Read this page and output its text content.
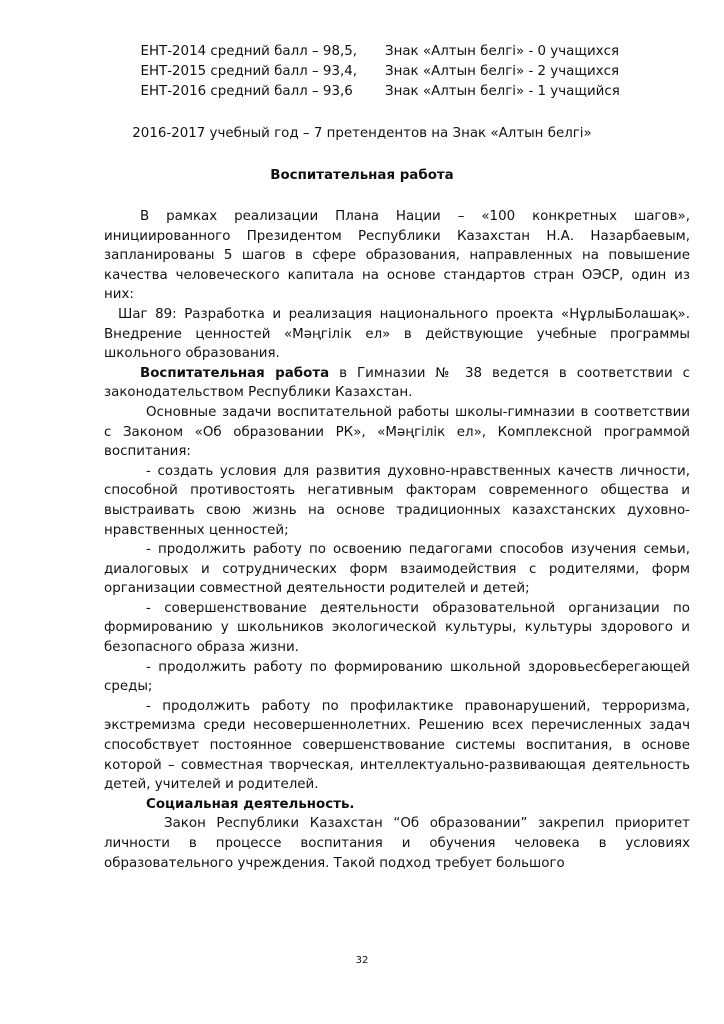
ЕНТ-2014 средний балл – 98,5, Знак «Алтын белгі» - 0 учащихся
ЕНТ-2015 средний балл – 93,4, Знак «Алтын белгі» - 2 учащихся
ЕНТ-2016 средний балл – 93,6 Знак «Алтын белгі» - 1 учащийся
2016-2017 учебный год – 7 претендентов на Знак «Алтын белгі»
Воспитательная работа

В рамках реализации Плана Нации – «100 конкретных шагов», инициированного Президентом Республики Казахстан Н.А. Назарбаевым, запланированы 5 шагов в сфере образования, направленных на повышение качества человеческого капитала на основе стандартов стран ОЭСР, один из них:

Шаг 89: Разработка и реализация национального проекта «НұрлыБолашақ». Внедрение ценностей «Мәңгілік ел» в действующие учебные программы школьного образования.

Воспитательная работа в Гимназии № 38 ведется в соответствии с законодательством Республики Казахстан.

Основные задачи воспитательной работы школы-гимназии в соответствии с Законом «Об образовании РК», «Мәңгілік ел», Комплексной программой воспитания:

- создать условия для развития духовно-нравственных качеств личности, способной противостоять негативным факторам современного общества и выстраивать свою жизнь на основе традиционных казахстанских духовно- нравственных ценностей;

- продолжить работу по освоению педагогами способов изучения семьи, диалоговых и сотруднических форм взаимодействия с родителями, форм организации совместной деятельности родителей и детей;

- совершенствование деятельности образовательной организации по формированию у школьников экологической культуры, культуры здорового и безопасного образа жизни.

- продолжить работу по формированию школьной здоровьесберегающей среды;

- продолжить работу по профилактике правонарушений, терроризма, экстремизма среди несовершеннолетних. Решению всех перечисленных задач способствует постоянное совершенствование системы воспитания, в основе которой – совместная творческая, интеллектуально-развивающая деятельность детей, учителей и родителей.

Социальная деятельность.

Закон Республики Казахстан “Об образовании” закрепил приоритет личности в процессе воспитания и обучения человека в условиях образовательного учреждения. Такой подход требует большого

32
